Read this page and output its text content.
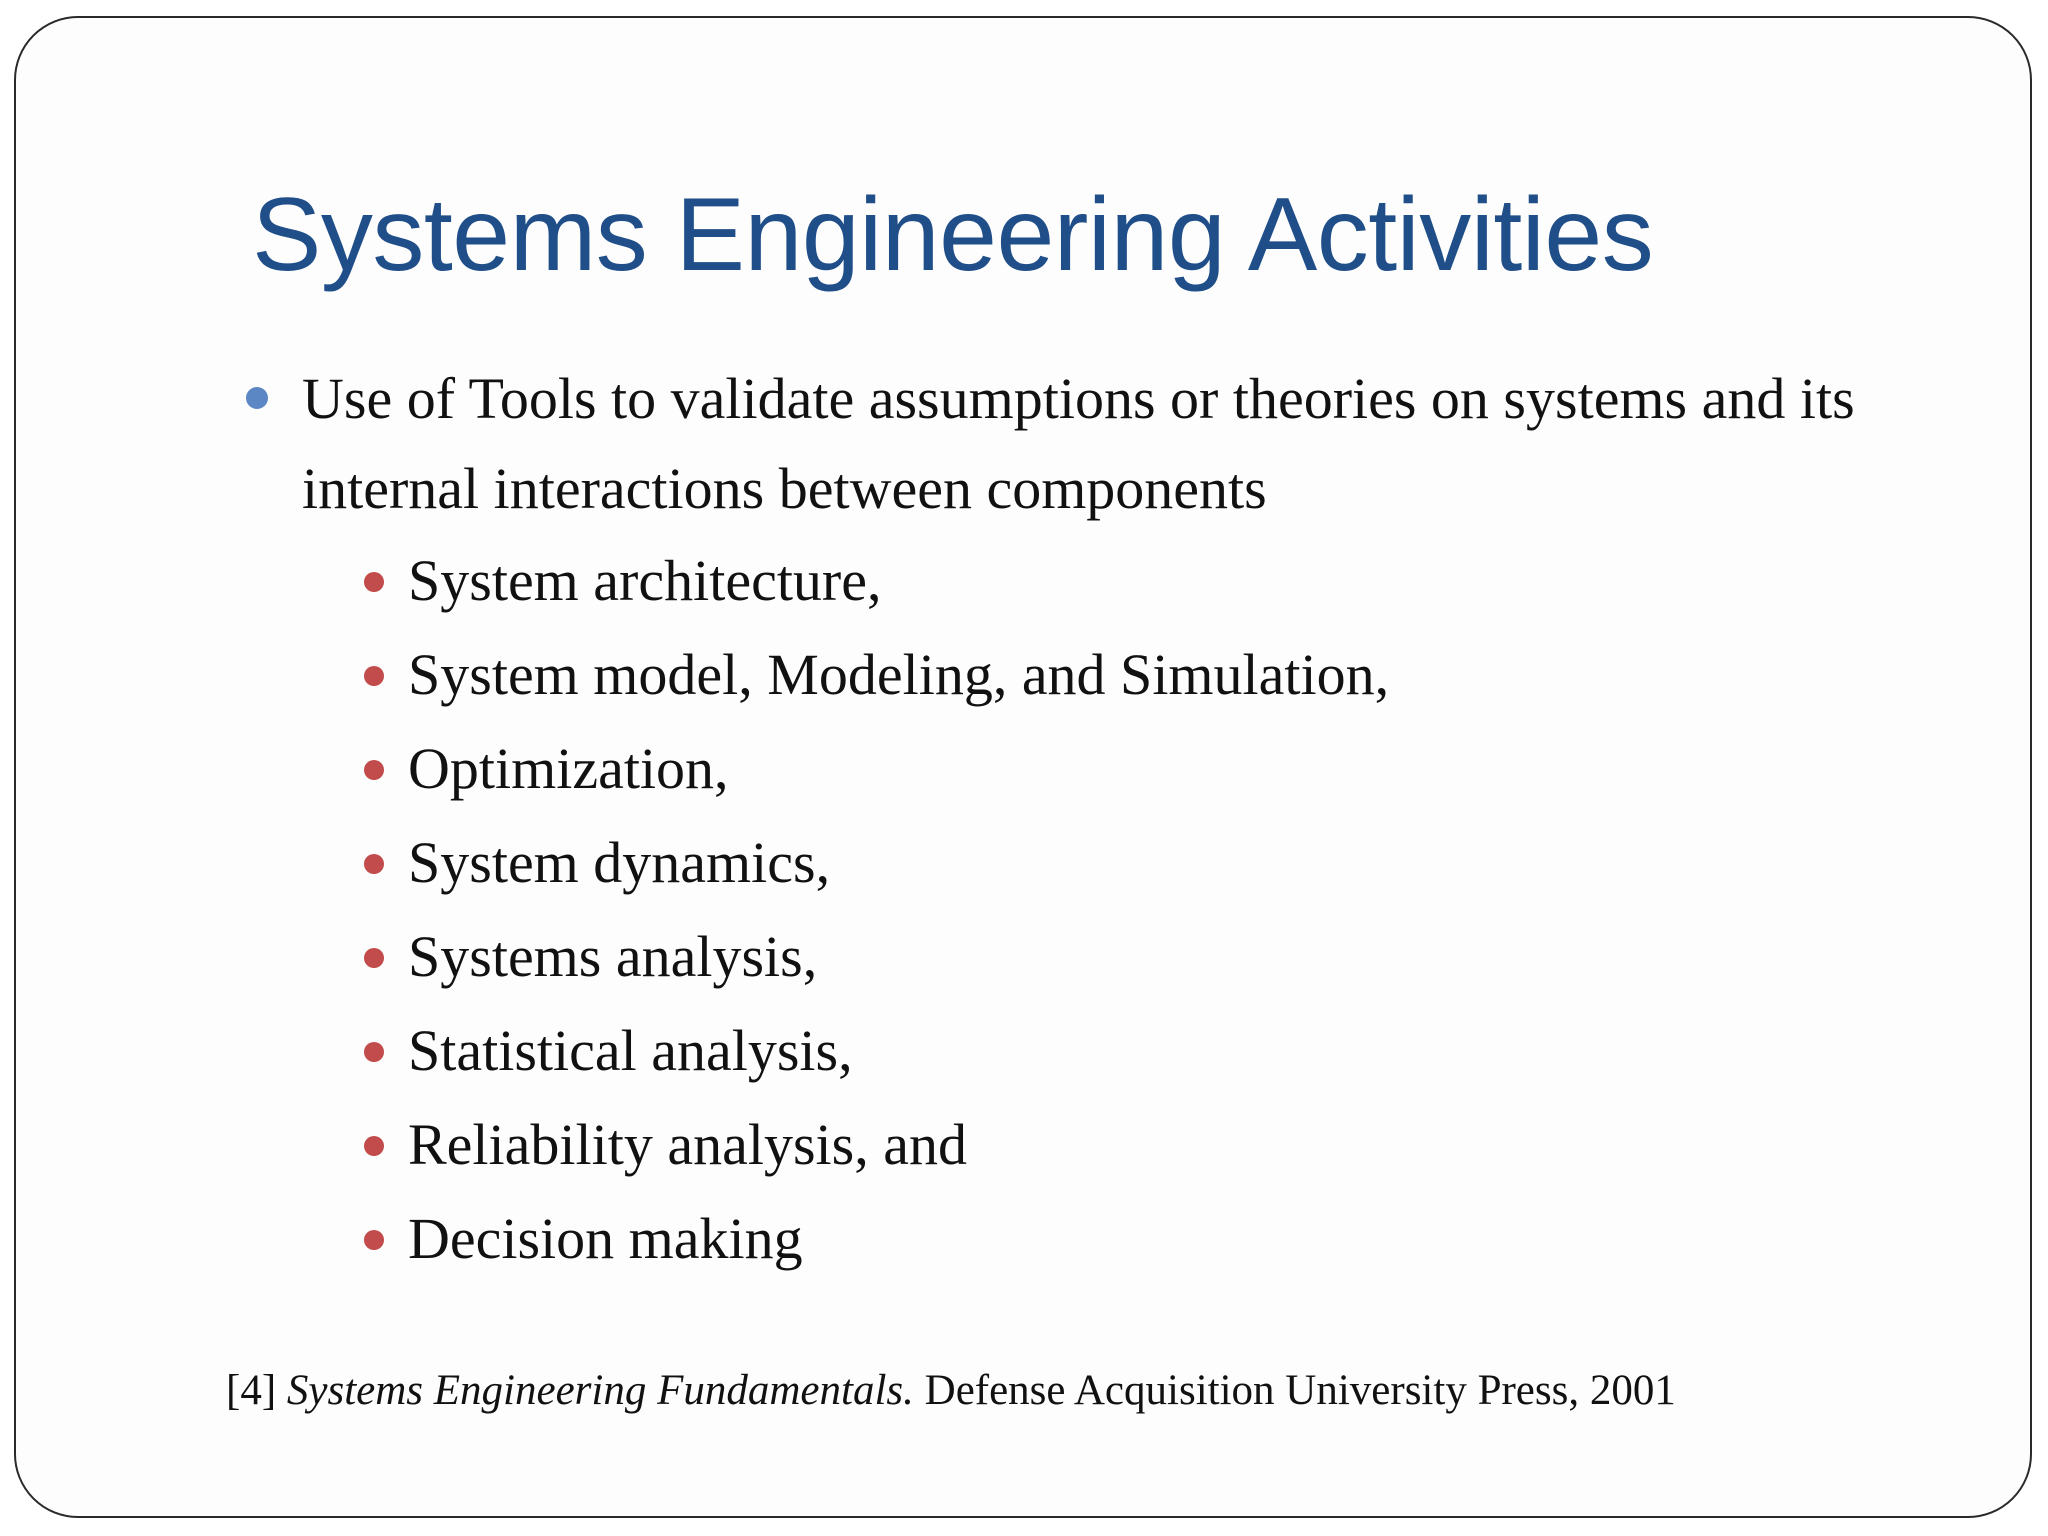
Systems Engineering Activities
Use of Tools to validate assumptions or theories on systems and its internal interactions between components
System architecture,
System model, Modeling, and Simulation,
Optimization,
System dynamics,
Systems analysis,
Statistical analysis,
Reliability analysis, and
Decision making
[4] Systems Engineering Fundamentals. Defense Acquisition University Press, 2001
